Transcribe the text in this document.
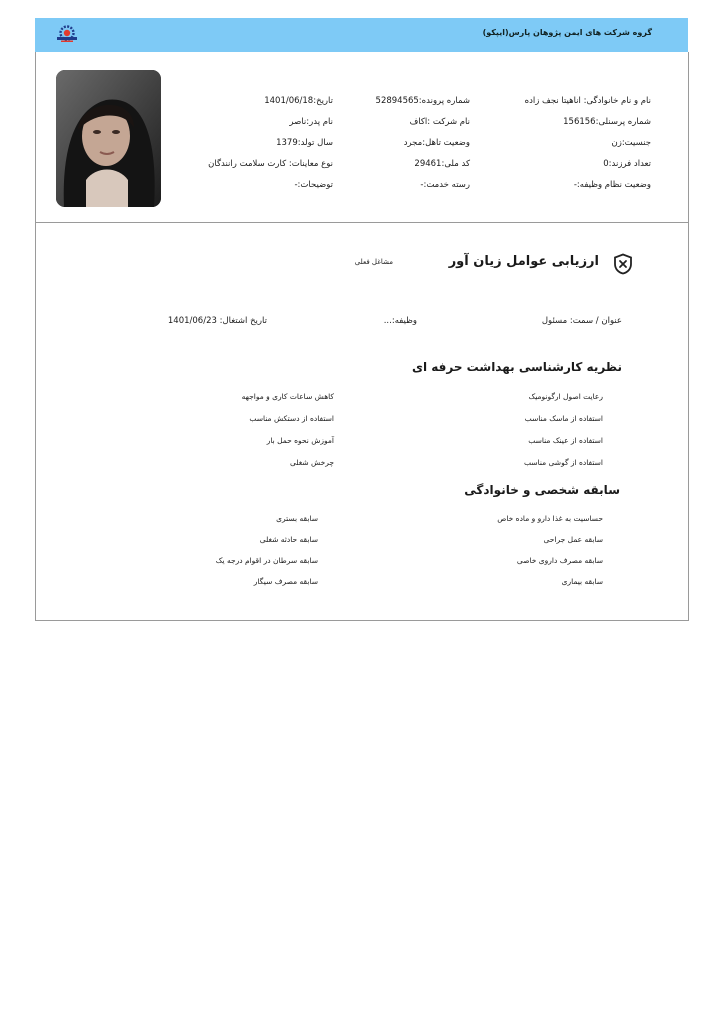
گروه شرکت های ایمن پژوهان پارس(ایپکو)
نام و نام خانوادگی: اناهیتا نجف زاده
شماره پرسنلی:156156
جنسیت:زن
تعداد فرزند:0
وضعیت نظام وظیفه:-
شماره پرونده:52894565
نام شرکت :اکاف
وضعیت تاهل:مجرد
کد ملی:29461
رسته خدمت:-
تاریخ:1401/06/18
نام پدر:ناصر
سال تولد:1379
نوع معاینات: کارت سلامت رانندگان
توضیحات:-
ارزیابی عوامل زیان آور
مشاغل فعلی
عنوان / سمت: مسئول
وظیفه:...
تاریخ اشتغال: 1401/06/23
نظریه کارشناسی بهداشت حرفه ای
رعایت اصول ارگونومیک
استفاده از ماسک مناسب
استفاده از عینک مناسب
استفاده از گوشی مناسب
کاهش ساعات کاری و مواجهه
استفاده از دستکش مناسب
آموزش نحوه حمل بار
چرخش شغلی
سابقه شخصی و خانوادگی
حساسیت به غذا دارو و ماده خاص
سابقه عمل جراحی
سابقه مصرف داروی خاصی
سابقه بیماری
سابقه بستری
سابقه حادثه شغلی
سابقه سرطان در اقوام درجه یک
سابقه مصرف سیگار
